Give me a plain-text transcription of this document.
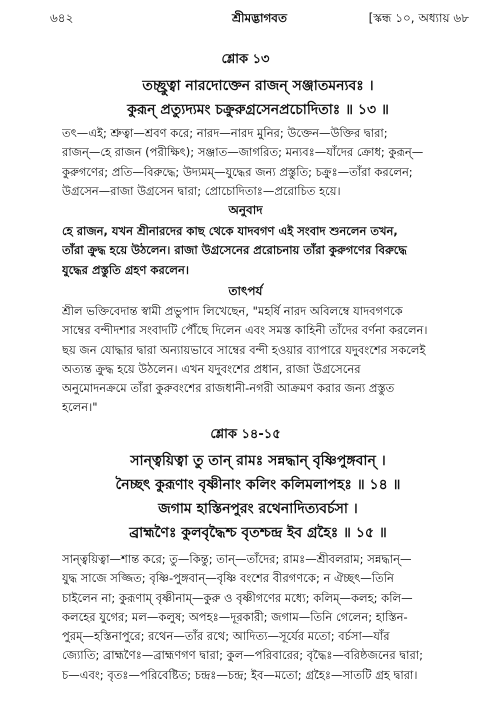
৬৪২	শ্রীমদ্ভাগবত	[স্কন্ধ ১০, অধ্যায় ৬৮
শ্লোক ১৩
তচ্ছ্রুত্বা নারদোক্তেন রাজন্ সঞ্জাতমন্যবঃ ।
কুরূন্ প্রত্যুদ্যমং চক্রুরুগ্রসেনপ্রচোদিতাঃ ॥ ১৩ ॥
তৎ—এই; শ্রুত্বা—শ্রবণ করে; নারদ—নারদ মুনির; উক্তেন—উক্তির দ্বারা;
রাজন্—হে রাজন (পরীক্ষিৎ); সঞ্জাত—জাগরিত; মন্যবঃ—যাঁদের ক্রোধ; কুরূন্—
কুরুগণের; প্রতি—বিরুদ্ধে; উদ্যমম্—যুদ্ধের জন্য প্রস্তুতি; চক্রুঃ—তাঁরা করলেন;
উগ্রসেন—রাজা উগ্রসেন দ্বারা; প্রোচোদিতাঃ—প্ররোচিত হয়ে।
অনুবাদ
হে রাজন, যখন শ্রীনারদের কাছ থেকে যাদবগণ এই সংবাদ শুনলেন তখন,
তাঁরা ক্রুদ্ধ হয়ে উঠলেন। রাজা উগ্রসেনের প্ররোচনায় তাঁরা কুরুগণের বিরুদ্ধে
যুদ্ধের প্রস্তুতি গ্রহণ করলেন।
তাৎপর্য
শ্রীল ভক্তিবেদান্ত স্বামী প্রভুপাদ লিখেছেন, "মহর্ষি নারদ অবিলম্বে যাদবগণকে
সাম্বের বন্দীদশার সংবাদটি পৌঁছে দিলেন এবং সমস্ত কাহিনী তাঁদের বর্ণনা করলেন।
ছয় জন যোদ্ধার দ্বারা অন্যায়ভাবে সাম্বের বন্দী হওয়ার ব্যাপারে যদুবংশের সকলেই
অত্যন্ত ক্রুদ্ধ হয়ে উঠলেন। এখন যদুবংশের প্রধান, রাজা উগ্রসেনের
অনুমোদনক্রমে তাঁরা কুরুবংশের রাজধানী-নগরী আক্রমণ করার জন্য প্রস্তুত
হলেন।"
শ্লোক ১৪-১৫
সান্ত্বয়িত্বা তু তান্ রামঃ সন্নদ্ধান্ বৃষ্ণিপুঙ্গবান্ ।
নৈচ্ছৎ কুরূণাং বৃষ্ণীনাং কলিং কলিমলাপহঃ ॥ ১৪ ॥
জগাম হাস্তিনপুরং রথেনাদিত্যবর্চসা ।
ব্রাহ্মণৈঃ কুলবৃদ্ধৈশ্চ বৃতশ্চন্দ্র ইব গ্রহৈঃ ॥ ১৫ ॥
সান্ত্বয়িত্বা—শান্ত করে; তু—কিন্তু; তান্—তাঁদের; রামঃ—শ্রীবলরাম; সন্নদ্ধান্—
যুদ্ধ সাজে সজ্জিত; বৃষ্ণি-পুঙ্গবান্—বৃষ্ণি বংশের বীরগণকে; ন ঐচ্ছৎ—তিনি
চাইলেন না; কুরূণাম্ বৃষ্ণীনাম্—কুরু ও বৃষ্ণীগণের মধ্যে; কলিম্—কলহ; কলি—
কলহের যুগের; মল—কলুষ; অপহঃ—দূরকারী; জগাম—তিনি গেলেন; হাস্তিন-
পুরম্—হস্তিনাপুরে; রথেন—তাঁর রথে; আদিত্য—সূর্যের মতো; বর্চসা—যাঁর
জ্যোতি; ব্রাহ্মণৈঃ—ব্রাহ্মণগণ দ্বারা; কুল—পরিবারের; বৃদ্ধৈঃ—বরিষ্ঠজনের দ্বারা;
চ—এবং; বৃতঃ—পরিবেষ্টিত; চন্দ্রঃ—চন্দ্র; ইব—মতো; গ্রহৈঃ—সাতটি গ্রহ দ্বারা।
